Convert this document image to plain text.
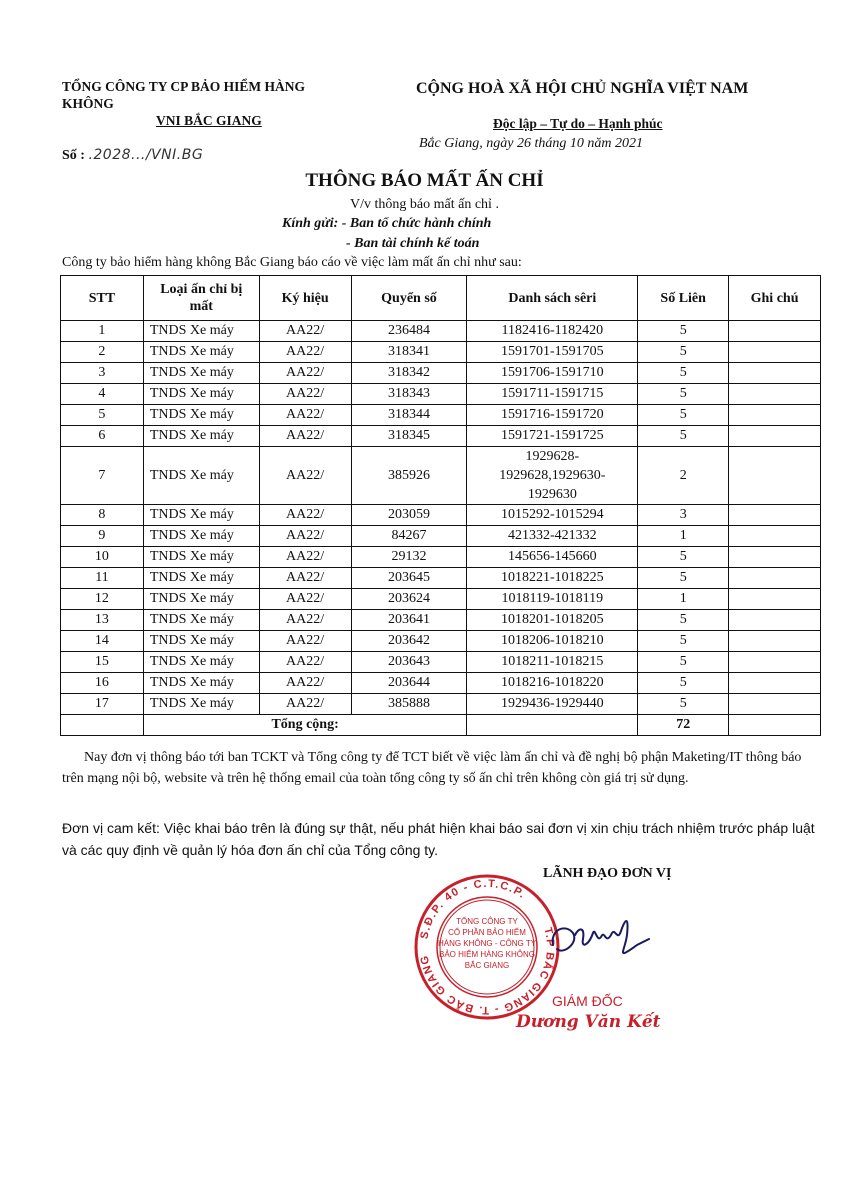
TỔNG CÔNG TY CP BẢO HIỂM HÀNG KHÔNG
VNI BẮC GIANG
Số : .2028.../VNI.BG
CỘNG HOÀ XÃ HỘI CHỦ NGHĨA VIỆT NAM
Độc lập – Tự do – Hạnh phúc
Bắc Giang, ngày 26 tháng 10 năm 2021
THÔNG BÁO MẤT ẤN CHỈ
V/v thông báo mất ấn chỉ .
Kính gửi: - Ban tổ chức hành chính
- Ban tài chính kế toán
Công ty bảo hiểm hàng không Bắc Giang báo cáo về việc làm mất ấn chỉ như sau:
STT	Loại ấn chỉ bị mất	Ký hiệu	Quyển số	Danh sách sêri	Số Liên	Ghi chú
1	TNDS Xe máy	AA22/	236484	1182416-1182420	5	
2	TNDS Xe máy	AA22/	318341	1591701-1591705	5	
3	TNDS Xe máy	AA22/	318342	1591706-1591710	5	
4	TNDS Xe máy	AA22/	318343	1591711-1591715	5	
5	TNDS Xe máy	AA22/	318344	1591716-1591720	5	
6	TNDS Xe máy	AA22/	318345	1591721-1591725	5	
7	TNDS Xe máy	AA22/	385926	1929628-1929628,1929630-1929630	2	
8	TNDS Xe máy	AA22/	203059	1015292-1015294	3	
9	TNDS Xe máy	AA22/	84267	421332-421332	1	
10	TNDS Xe máy	AA22/	29132	145656-145660	5	
11	TNDS Xe máy	AA22/	203645	1018221-1018225	5	
12	TNDS Xe máy	AA22/	203624	1018119-1018119	1	
13	TNDS Xe máy	AA22/	203641	1018201-1018205	5	
14	TNDS Xe máy	AA22/	203642	1018206-1018210	5	
15	TNDS Xe máy	AA22/	203643	1018211-1018215	5	
16	TNDS Xe máy	AA22/	203644	1018216-1018220	5	
17	TNDS Xe máy	AA22/	385888	1929436-1929440	5	
	Tổng cộng:				72	
Nay đơn vị thông báo tới ban TCKT và Tổng công ty để TCT biết về việc làm ấn chỉ và đề nghị bộ phận Maketing/IT thông báo trên mạng nội bộ, website và trên hệ thống email của toàn tổng công ty số ấn chỉ trên không còn giá trị sử dụng.
Đơn vị cam kết: Việc khai báo trên là đúng sự thật, nếu phát hiện khai báo sai đơn vị xin chịu trách nhiệm trước pháp luật và các quy định về quản lý hóa đơn ấn chỉ của Tổng công ty.
LÃNH ĐẠO ĐƠN VỊ
S.Đ.P. 40 - C.T.C.P.
T.P BẮC GIANG - T. BẮC GIANG
TỔNG CÔNG TY
CỔ PHẦN BẢO HIỂM
HÀNG KHÔNG - CÔNG TY
BẢO HIỂM HÀNG KHÔNG
BẮC GIANG
GIÁM ĐỐC
Dương Văn Kết
